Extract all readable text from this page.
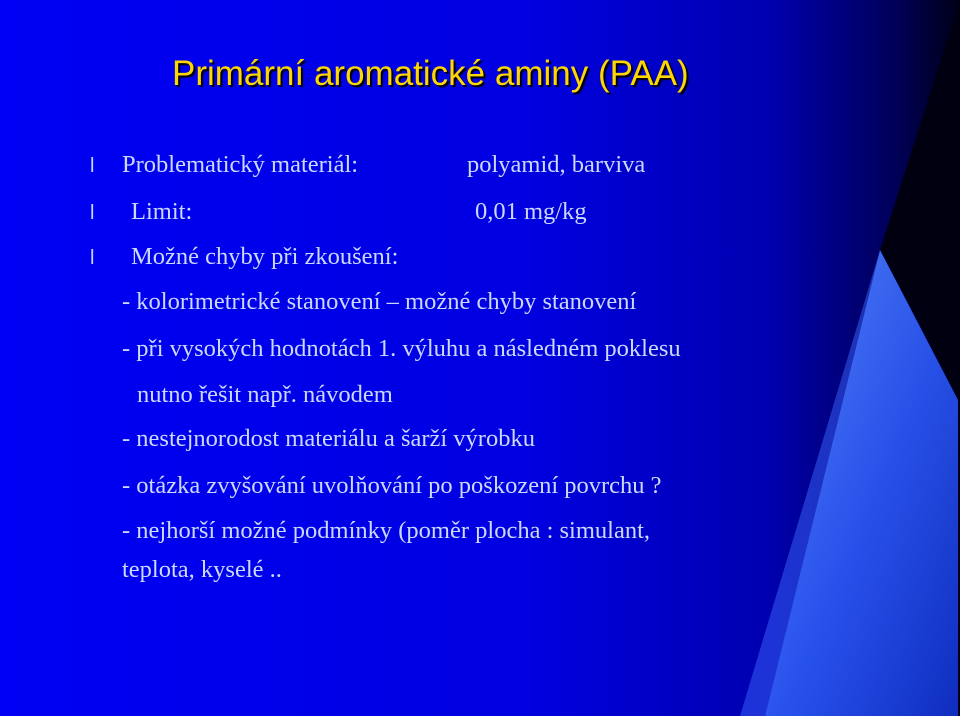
Primární aromatické aminy (PAA)
l Problematický materiál:	polyamid, barviva
l Limit:	0,01 mg/kg
l Možné chyby při zkoušení:
- kolorimetrické stanovení – možné chyby stanovení
- při vysokých hodnotách 1. výluhu a následném poklesu
nutno řešit např. návodem
- nestejnorodost materiálu a šarží výrobku
- otázka zvyšování uvolňování po poškození povrchu ?
- nejhorší možné podmínky (poměr plocha : simulant,
teplota, kyselé ..
